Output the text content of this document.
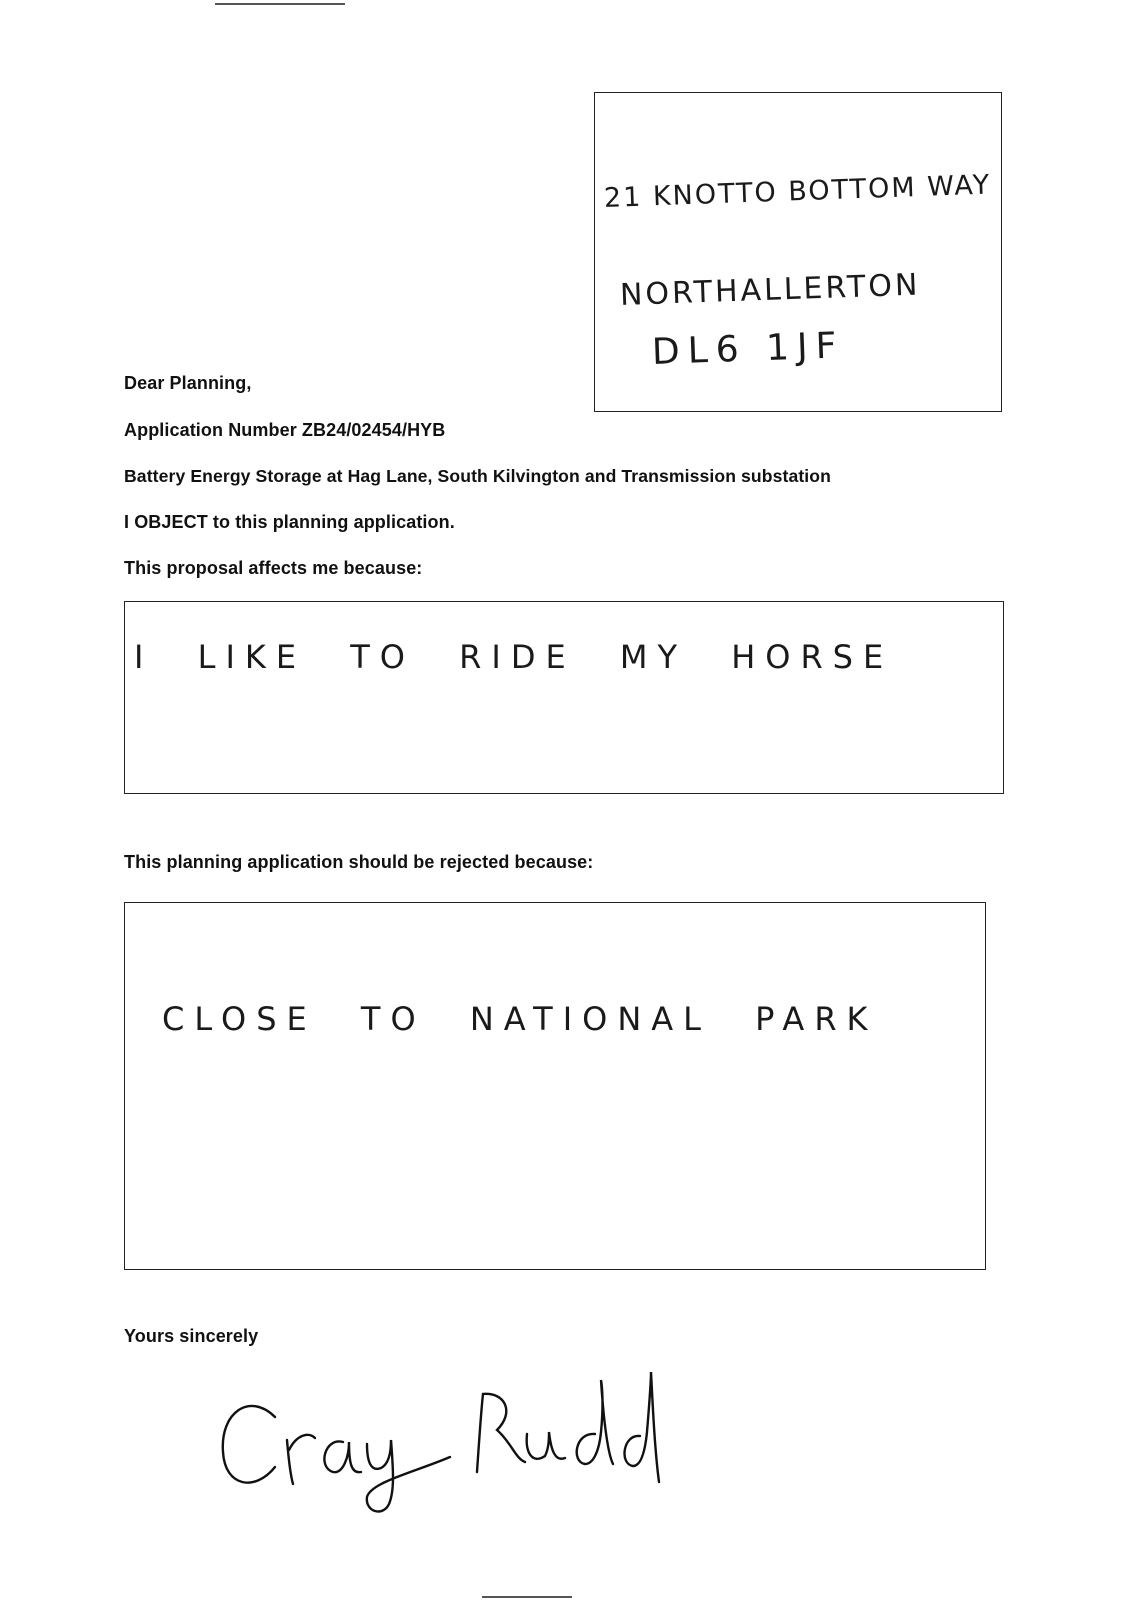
21 KNOTTO BOTTOM WAY
NORTHALLERTON
DL6 1JF
Dear Planning,
Application Number ZB24/02454/HYB
Battery Energy Storage at Hag Lane, South Kilvington and Transmission substation
I OBJECT to this planning application.
This proposal affects me because:
I LIKE TO RIDE MY HORSE
This planning application should be rejected because:
CLOSE TO NATIONAL PARK
Yours sincerely
